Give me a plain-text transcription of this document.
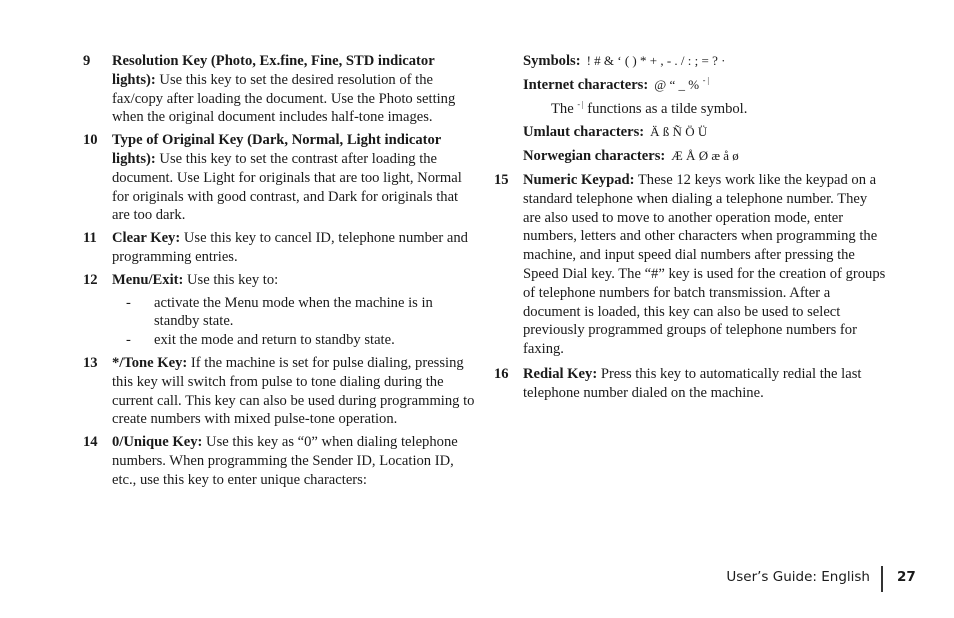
9 Resolution Key (Photo, Ex.fine, Fine, STD indicator lights): Use this key to set the desired resolution of the fax/copy after loading the document. Use the Photo setting when the original document includes half-tone images.
10 Type of Original Key (Dark, Normal, Light indicator lights): Use this key to set the contrast after loading the document. Use Light for originals that are too light, Normal for originals with good contrast, and Dark for originals that are too dark.
11 Clear Key: Use this key to cancel ID, telephone number and programming entries.
12 Menu/Exit: Use this key to:
- activate the Menu mode when the machine is in standby state.
- exit the mode and return to standby state.
13 */Tone Key: If the machine is set for pulse dialing, pressing this key will switch from pulse to tone dialing during the current call. This key can also be used during programming to create numbers with mixed pulse-tone operation.
14 0/Unique Key: Use this key as “0” when dialing telephone numbers. When programming the Sender ID, Location ID, etc., use this key to enter unique characters:
Symbols: ! # & ‘ ( ) * + , - . / : ; = ? ·
Internet characters: @ “ _ % - |
The - | functions as a tilde symbol.
Umlaut characters: Ä ß Ñ Ö Ü
Norwegian characters: Æ Å Ø æ å ø
15 Numeric Keypad: These 12 keys work like the keypad on a standard telephone when dialing a telephone number. They are also used to move to another operation mode, enter numbers, letters and other characters when programming the machine, and input speed dial numbers after pressing the Speed Dial key. The “#” key is used for the creation of groups of telephone numbers for batch transmission. After a document is loaded, this key can also be used to select previously programmed groups of telephone numbers for faxing.
16 Redial Key: Press this key to automatically redial the last telephone number dialed on the machine.
User’s Guide: English 27
